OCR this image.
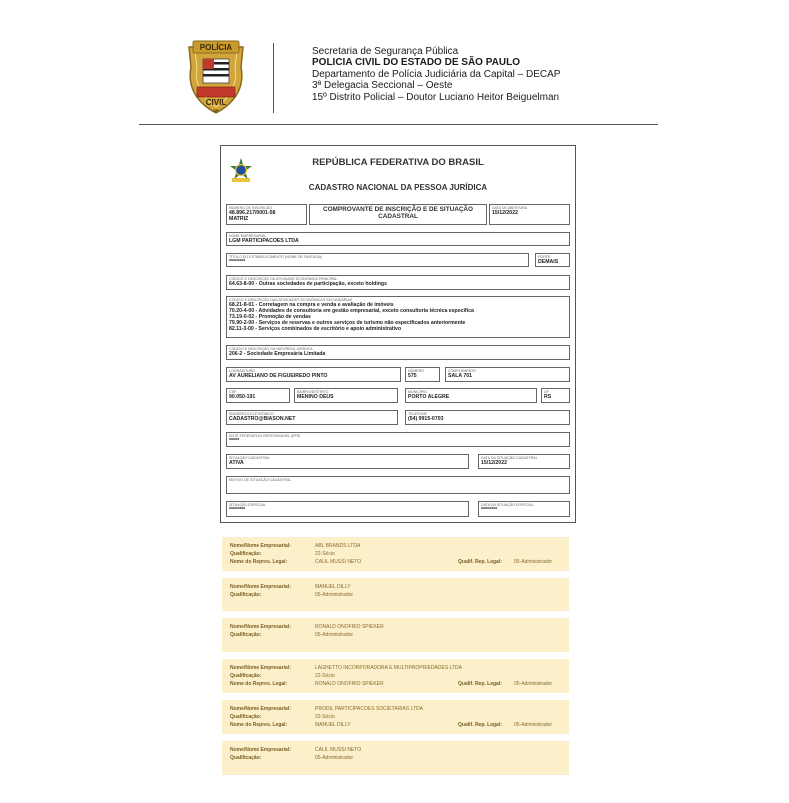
POLÍCIA
CIVIL
SP
Secretaria de Segurança Pública
POLICIA CIVIL DO ESTADO DE SÃO PAULO
Departamento de Polícia Judiciária da Capital – DECAP
3ª Delegacia Seccional – Oeste
15º Distrito Policial – Doutor Luciano Heitor Beiguelman
REPÚBLICA FEDERATIVA DO BRASIL
CADASTRO NACIONAL DA PESSOA JURÍDICA
NÚMERO DE INSCRIÇÃO
48.896.217/0001-58
MATRIZ
COMPROVANTE DE INSCRIÇÃO E DE SITUAÇÃO
CADASTRAL
DATA DE ABERTURA
15/12/2022
NOME EMPRESARIAL
LGM PARTICIPACOES LTDA
TÍTULO DO ESTABELECIMENTO (NOME DE FANTASIA)
********
PORTE
DEMAIS
CÓDIGO E DESCRIÇÃO DA ATIVIDADE ECONÔMICA PRINCIPAL
64.63-8-00 - Outras sociedades de participação, exceto holdings
CÓDIGO E DESCRIÇÃO DAS ATIVIDADES ECONÔMICAS SECUNDÁRIAS
68.21-8-01 - Corretagem na compra e venda e avaliação de imóveis
70.20-4-00 - Atividades de consultoria em gestão empresarial, exceto consultoria técnica específica
73.19-0-02 - Promoção de vendas
79.90-2-00 - Serviços de reservas e outros serviços de turismo não especificados anteriormente
82.11-3-00 - Serviços combinados de escritório e apoio administrativo
CÓDIGO E DESCRIÇÃO DA NATUREZA JURÍDICA
206-2 - Sociedade Empresária Limitada
LOGRADOURO
AV AURELIANO DE FIGUEIREDO PINTO
NÚMERO
575
COMPLEMENTO
SALA 701
CEP
90.050-191
BAIRRO/DISTRITO
MENINO DEUS
MUNICÍPIO
PORTO ALEGRE
UF
RS
ENDEREÇO ELETRÔNICO
CADASTRO@BIASON.NET
TELEFONE
(54) 9915-0703
ENTE FEDERATIVO RESPONSÁVEL (EFR)
*****
SITUAÇÃO CADASTRAL
ATIVA
DATA DA SITUAÇÃO CADASTRAL
15/12/2022
MOTIVO DE SITUAÇÃO CADASTRAL
SITUAÇÃO ESPECIAL
********
DATA DA SITUAÇÃO ESPECIAL
********
Nome/Nome Empresarial:	ABL BRANDS LTDA
Qualificação:	22-Sócio
Nome do Repres. Legal:	CALIL MUSSI NETO	Qualif. Rep. Legal: 05-Administrador
Nome/Nome Empresarial:	MANUEL DILLY
Qualificação:	05-Administrador
Nome/Nome Empresarial:	RONALD ONOFRIO SPIEKER
Qualificação:	05-Administrador
Nome/Nome Empresarial:	LAGHETTO INCORPORADORA E MULTIPROPRIEDADES LTDA
Qualificação:	22-Sócio
Nome do Repres. Legal:	RONALD ONOFRIO SPIEKER	Qualif. Rep. Legal: 05-Administrador
Nome/Nome Empresarial:	PRODIL PARTICIPACOES SOCIETARIAS LTDA
Qualificação:	22-Sócio
Nome do Repres. Legal:	MANUEL DILLY	Qualif. Rep. Legal: 05-Administrador
Nome/Nome Empresarial:	CALIL MUSSI NETO
Qualificação:	05-Administrador
